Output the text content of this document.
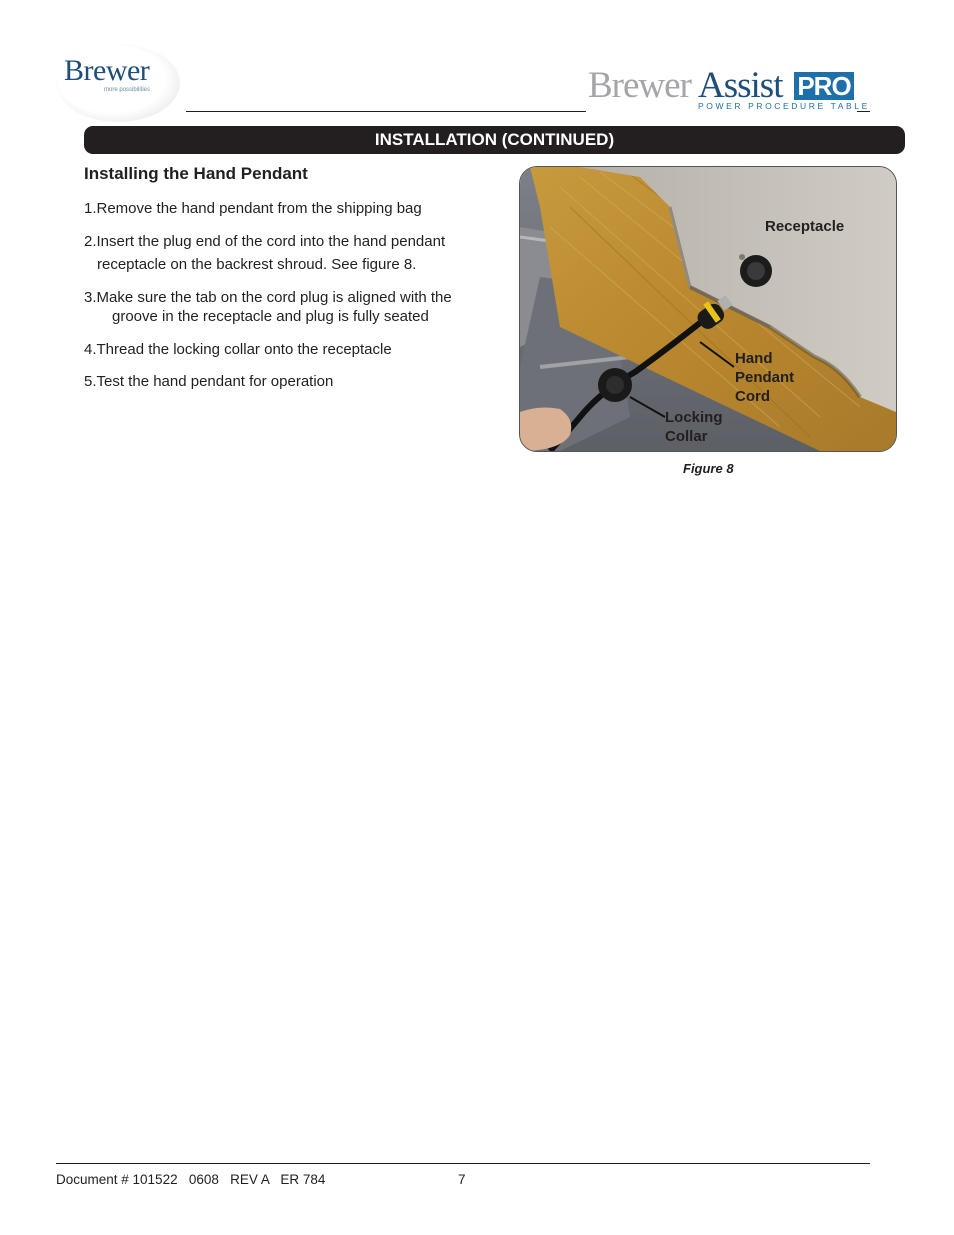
Brewer
more possibilities	Brewer Assist PRO
POWER PROCEDURE TABLE
INSTALLATION (CONTINUED)
Installing the Hand Pendant
1.Remove the hand pendant from the shipping bag
2.Insert the plug end of the cord into the hand pendant
receptacle on the backrest shroud. See figure 8.
3.Make sure the tab on the cord plug is aligned with the
groove in the receptacle and plug is fully seated
4.Thread the locking collar onto the receptacle
5.Test the hand pendant for operation
Receptacle
Hand
Pendant
Cord
Locking
Collar
Figure 8
Document # 101522   0608   REV A   ER 784	7
